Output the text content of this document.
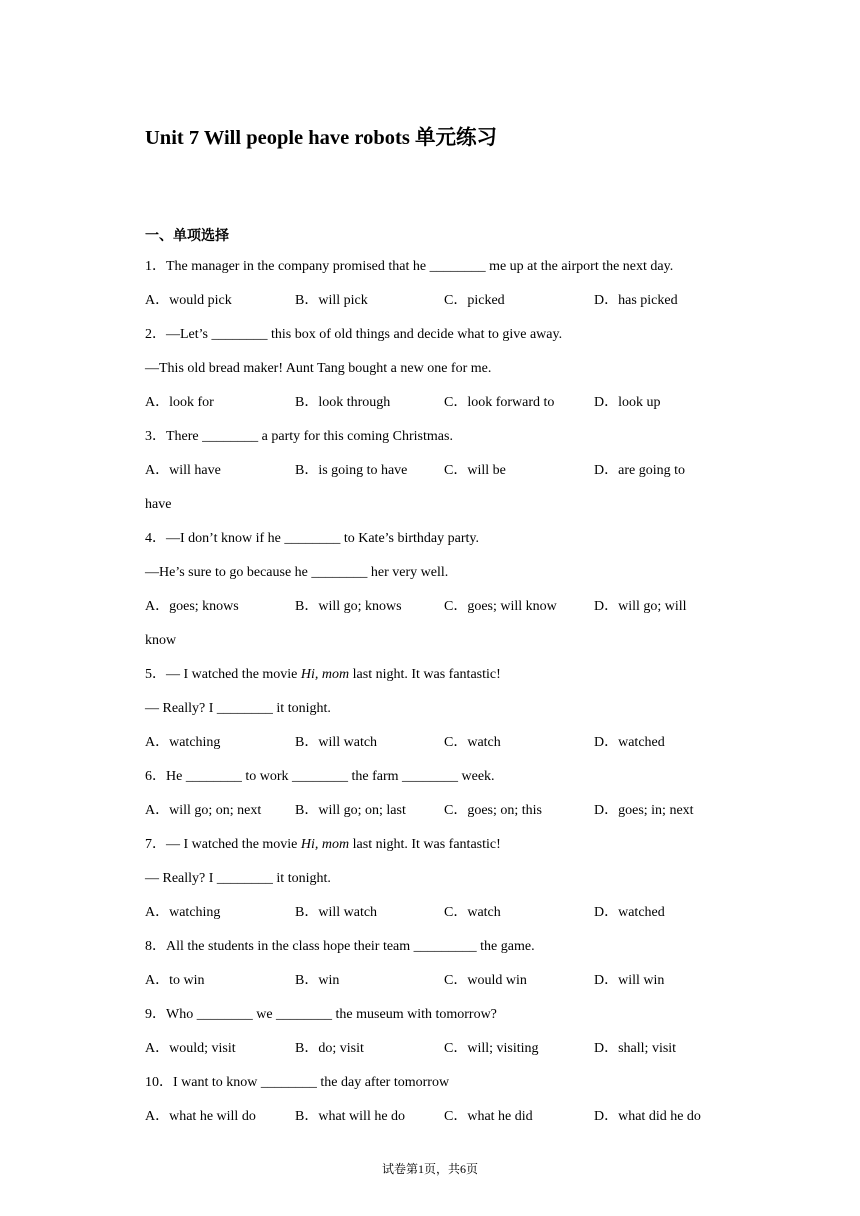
Unit 7 Will people have robots 单元练习
一、单项选择
1．The manager in the company promised that he ________ me up at the airport the next day.
A．would pick	B．will pick	C．picked	D．has picked
2．—Let’s ________ this box of old things and decide what to give away.
—This old bread maker! Aunt Tang bought a new one for me.
A．look for	B．look through	C．look forward to	D．look up
3．There ________ a party for this coming Christmas.
A．will have	B．is going to have	C．will be	D．are going to
have
4．—I don’t know if he ________ to Kate’s birthday party.
—He’s sure to go because he ________ her very well.
A．goes; knows	B．will go; knows	C．goes; will know	D．will go; will
know
5．— I watched the movie Hi, mom last night. It was fantastic!
— Really? I ________ it tonight.
A．watching	B．will watch	C．watch	D．watched
6．He ________ to work ________ the farm ________ week.
A．will go; on; next	B．will go; on; last	C．goes; on; this	D．goes; in; next
7．— I watched the movie Hi, mom last night. It was fantastic!
— Really? I ________ it tonight.
A．watching	B．will watch	C．watch	D．watched
8．All the students in the class hope their team _________ the game.
A．to win	B．win	C．would win	D．will win
9．Who ________ we ________ the museum with tomorrow?
A．would; visit	B．do; visit	C．will; visiting	D．shall; visit
10．I want to know ________ the day after tomorrow
A．what he will do	B．what will he do	C．what he did	D．what did he do
试卷第1页，共6页
